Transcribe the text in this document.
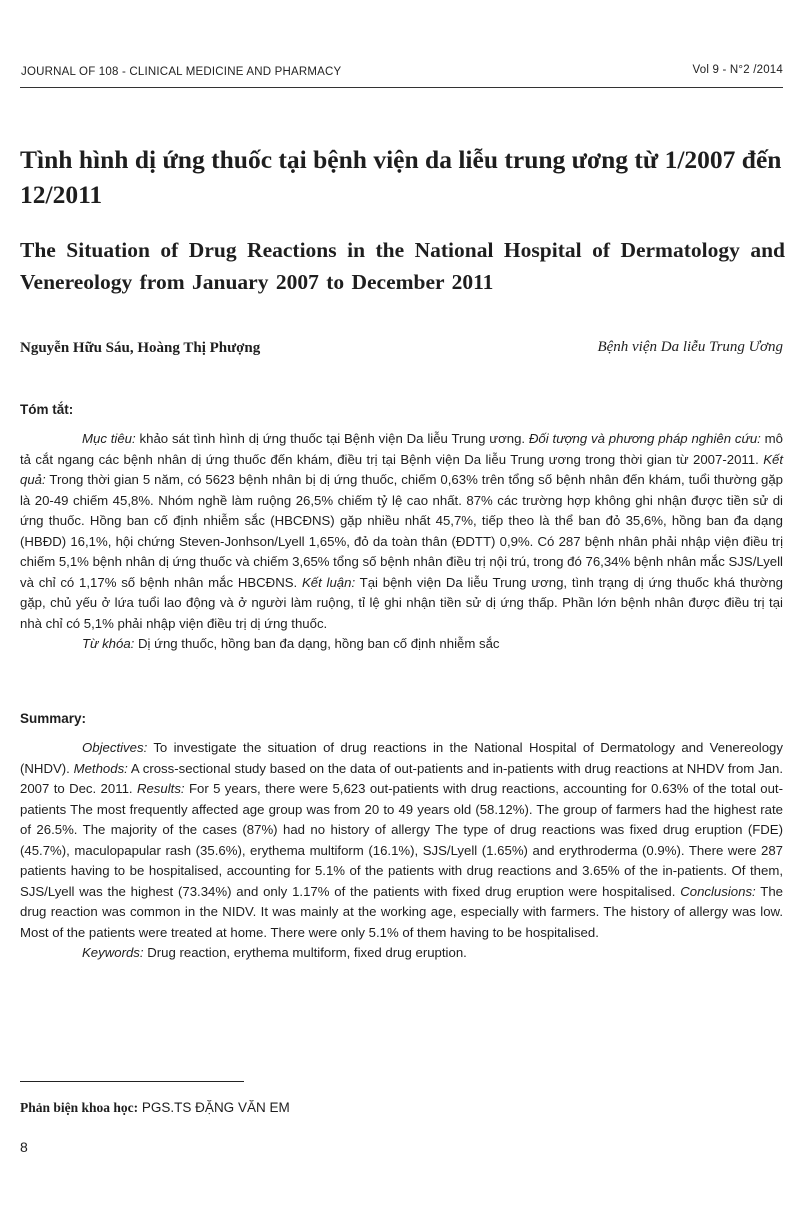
JOURNAL OF 108 - CLINICAL MEDICINE AND PHARMACY	Vol 9 - N°2 /2014
Tình hình dị ứng thuốc tại bệnh viện da liễu trung ương từ 1/2007 đến 12/2011
The Situation of Drug Reactions in the National Hospital of Dermatology and Venereology from January 2007 to December 2011
Nguyễn Hữu Sáu, Hoàng Thị Phượng	Bệnh viện Da liễu Trung Ương
Tóm tắt:

Mục tiêu: khảo sát tình hình dị ứng thuốc tại Bệnh viện Da liễu Trung ương. Đối tượng và phương pháp nghiên cứu: mô tả cắt ngang các bệnh nhân dị ứng thuốc đến khám, điều trị tại Bệnh viện Da liễu Trung ương trong thời gian từ 2007-2011. Kết quả: Trong thời gian 5 năm, có 5623 bệnh nhân bị dị ứng thuốc, chiếm 0,63% trên tổng số bệnh nhân đến khám, tuổi thường gặp là 20-49 chiếm 45,8%. Nhóm nghề làm ruộng 26,5% chiếm tỷ lệ cao nhất. 87% các trường hợp không ghi nhận được tiền sử di ứng thuốc. Hồng ban cố định nhiễm sắc (HBCĐNS) gặp nhiều nhất 45,7%, tiếp theo là thể ban đỏ 35,6%, hồng ban đa dạng (HBĐD) 16,1%, hội chứng Steven-Jonhson/Lyell 1,65%, đỏ da toàn thân (ĐDTT) 0,9%. Có 287 bệnh nhân phải nhập viện điều trị chiếm 5,1% bệnh nhân dị ứng thuốc và chiếm 3,65% tổng số bệnh nhân điều trị nội trú, trong đó 76,34% bệnh nhân mắc SJS/Lyell và chỉ có 1,17% số bệnh nhân mắc HBCĐNS. Kết luận: Tại bệnh viện Da liễu Trung ương, tình trạng dị ứng thuốc khá thường gặp, chủ yếu ở lứa tuổi lao động và ở người làm ruộng, tỉ lệ ghi nhận tiền sử dị ứng thấp. Phần lớn bệnh nhân được điều trị tại nhà chỉ có 5,1% phải nhập viện điều trị dị ứng thuốc.

Từ khóa: Dị ứng thuốc, hồng ban đa dạng, hồng ban cố định nhiễm sắc

Summary:

Objectives: To investigate the situation of drug reactions in the National Hospital of Dermatology and Venereology (NHDV). Methods: A cross-sectional study based on the data of out-patients and in-patients with drug reactions at NHDV from Jan. 2007 to Dec. 2011. Results: For 5 years, there were 5,623 out-patients with drug reactions, accounting for 0.63% of the total out-patients The most frequently affected age group was from 20 to 49 years old (58.12%). The group of farmers had the highest rate of 26.5%. The majority of the cases (87%) had no history of allergy The type of drug reactions was fixed drug eruption (FDE) (45.7%), maculopapular rash (35.6%), erythema multiform (16.1%), SJS/Lyell (1.65%) and erythroderma (0.9%). There were 287 patients having to be hospitalised, accounting for 5.1% of the patients with drug reactions and 3.65% of the in-patients. Of them, SJS/Lyell was the highest (73.34%) and only 1.17% of the patients with fixed drug eruption were hospitalised. Conclusions: The drug reaction was common in the NIDV. It was mainly at the working age, especially with farmers. The history of allergy was low. Most of the patients were treated at home. There were only 5.1% of them having to be hospitalised.

Keywords: Drug reaction, erythema multiform, fixed drug eruption.

Phản biện khoa học: PGS.TS ĐẶNG VĂN EM
8
